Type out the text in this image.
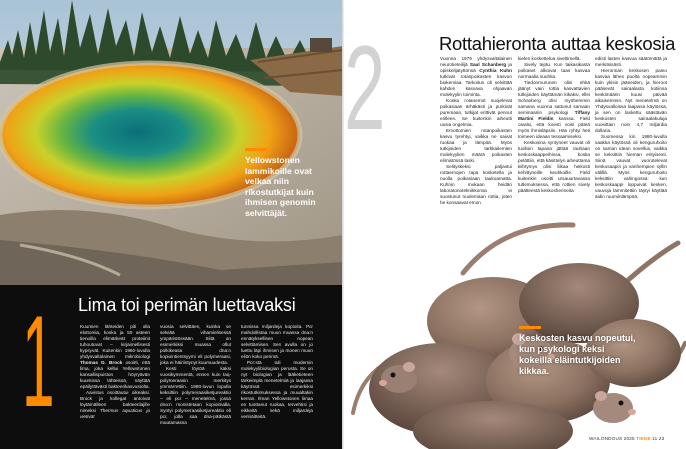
Yellowstonen lammikoille ovat velkaa niin rikostutkijat kuin ihmisen genomin selvittäjät.
1 Lima toi perimän luettavaksi

Kuumien lähteiden piti olla elottomia, koska ja 50 asteen tienoilla elimärkeät proteiinit tuhoutuvat – kirjaimellisesti kypsyvät. Kuitenkin 1960-luvulla yhdysvaltalainen mikrobiologi Thomas D. Brock osoitti, että lima, joka kellui Yellowstonen kansallispuiston höyryävän kuumissa lähteissä, näyttää epäilyttävästi bakteerikasvustolta.

Aavistus osoittautui oikeaksi. Brock ja kollegat antoivat löytämälleen bakteerilajille nimeksi Thermus aquaticus ja vietivät

vuosia selvittäen, kuinka se selviää vihamielisessä ympäristössään. Siitä on esimerkiksi muassa ollut polkikeasa dna:n kopiointientsyymi eli polymeraasi, joka ei häiriintynyt kuumuudesta.

Kesti löytöä kaksi vuosikymmentä, ennen kuin taq-polymeraasin merkitys ymmärrettiin. 1980-luvun lopulla keksittiin polymeraasiketjureaktio – eli pcr – menetelmä, jossa dna:n monistetaan kopioimalla. Syntyi polymeraasiketjureaktio eli pcr, jolla saa dna-pätkästä muutamassa

tunnissa miljardeja kopioita. Pcr mahdollistaa muun muassa dna:n ennätyksellisen nopean selvittämisen. Sen avulla on jo luettu läpi ihmisen ja monen muun eliön koko perimä.

Pcr:stä tuli modernin molekyylibiologian perusta. Se on nyt biologian ja lääketieteen tärkeimpiä menetelmiä ja laajassa käytössä esimerkiksi rikostutkimuksessa ja muualtakin kerran. Ilman Yellowstonen limaa en tuottanut ruokaa, tervehtisi ja eikkeitä sekä miljardeja verinäitteitä.

2	Rottahieronta auttaa keskosia

Vuonna 1979 yhdysvaltalainen neurotieteilijä Saul Schanberg ja opiskelijatyttönsä Cynthia Kuhn tutkivat rotanpoikasten kasvun biokemiaa. Tarkoitus oli selvittää kahden kasvava ohjaavan molekyylin toiminta.

Koska rotanemot suojelevat poikasiaan ärhäkästi ja purkivät puremaan, tutkijat erittivät pennut erilleen. Se kuitenkin aiheutti uusia ongelmia.

Emottomien rotanpoikasten kasvu tyrehtyi, vaikka ne saivat ruokaa ja lämpöä. Myös tutkijoiden tarkkailemien molekyylien määrä poikasten elimistössä laski.

Selityskeksi paljastui rottaemojen tapa kosketella ja nuolla poikasiaan taukoamatta. Kuhnin mukaan heidän laboratorioteknikkonsa ei suostunut nuolemaan rottia, joten he konsaavat emon

kielen koskettelua siveltimellä.

Sively teptu. Kun taikasikasta poikaset alkoivat taas kasvaa normaalia suuhtia.

Tiedonmurunen olisi ehkä jäänyt vain rottia kasvattavien tutkijoiden käyttämän kikaksi, ellei Schanberg olisi myöhemmin samana vuonna sattunut samaan seminaariin psykologi Tiffany Martini Fieldin kanssa. Field oivalsi, että koesti voisi päteä myös ihmisläpsiin. Hän ryhtyi heti toimeen ideaan tessaamiseksi.

Keskosina syntyneet vauvat oli tuolloin tapana jättää rauhaan keskoskaappeihinsa, koska pelättiin, että käsittelyn aiheuttama kiihtymys olisi liikaa heikosti kehittyneille keuhkoille. Field kuitenkin osoitti ursauurtavassa tutkimuksessa, että rottien sively päätteestä keskosherineita

edisti lasten kasvua säätömättä ja merkitsisästi.

Hieronnan keskosen paino kasvaa lähes puolta nopeammin kuin ykisin jääneiden, ja hieroot pääsevät sairaalasta kotiinsa keskimäärin kuusi päivää aikaisemmin. Nyt menetelmä on Yhdysvalloissa laajassa käytössä, ja sen on laskettu säästävän keskosten sairaalakuluja vuosittain noin 4,7 miljardia dollaria.

Suomessa kin 1980-luvulla saakka käytössä oli kenguruhoito on saman idean sovellus, vaikka se keksittiin hieman erityisesti. Siinä vauvat vuorotelevat keskosaapin ja vanhempien syllin välillä. Myös kenguruhoito keksittiin vahingossa: kun keskoskaappi loppuivat kesken, vauvoja lämmitettiin täytyi käyttää äidin ruumiinlämpöä.

Keskosten kasvu nopeutui, kun psykologi keksi kokeilla eläintutkijoiden kikkaa.
WAILONDOUS 2025 TIEDE 11 23
